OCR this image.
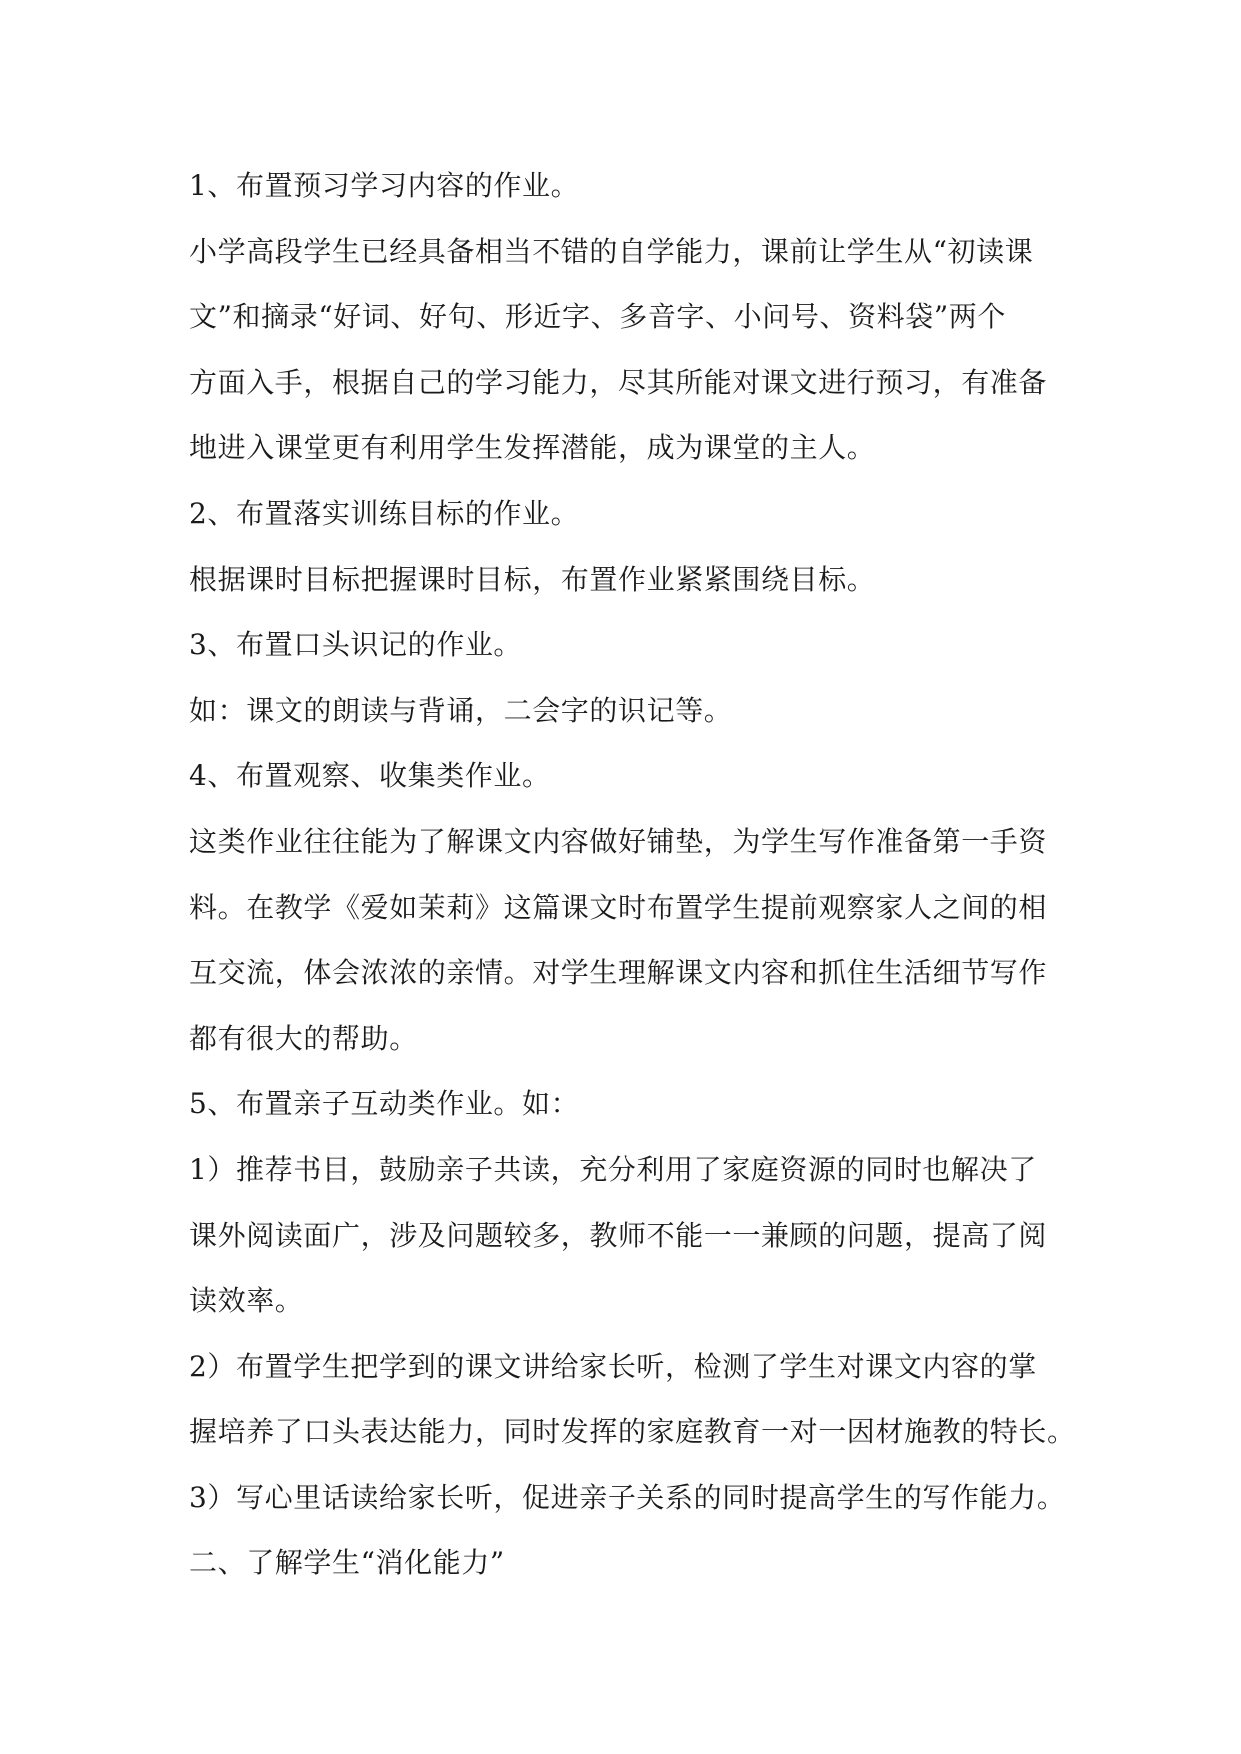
1、布置预习学习内容的作业。
小学高段学生已经具备相当不错的自学能力，课前让学生从“初读课
文”和摘录“好词、好句、形近字、多音字、小问号、资料袋”两个
方面入手，根据自己的学习能力，尽其所能对课文进行预习，有准备
地进入课堂更有利用学生发挥潜能，成为课堂的主人。
2、布置落实训练目标的作业。
根据课时目标把握课时目标，布置作业紧紧围绕目标。
3、布置口头识记的作业。
如：课文的朗读与背诵，二会字的识记等。
4、布置观察、收集类作业。
这类作业往往能为了解课文内容做好铺垫，为学生写作准备第一手资
料。在教学《爱如茉莉》这篇课文时布置学生提前观察家人之间的相
互交流，体会浓浓的亲情。对学生理解课文内容和抓住生活细节写作
都有很大的帮助。
5、布置亲子互动类作业。如：
1）推荐书目，鼓励亲子共读，充分利用了家庭资源的同时也解决了
课外阅读面广，涉及问题较多，教师不能一一兼顾的问题，提高了阅
读效率。
2）布置学生把学到的课文讲给家长听，检测了学生对课文内容的掌
握培养了口头表达能力，同时发挥的家庭教育一对一因材施教的特长。
3）写心里话读给家长听，促进亲子关系的同时提高学生的写作能力。
二、了解学生“消化能力”
